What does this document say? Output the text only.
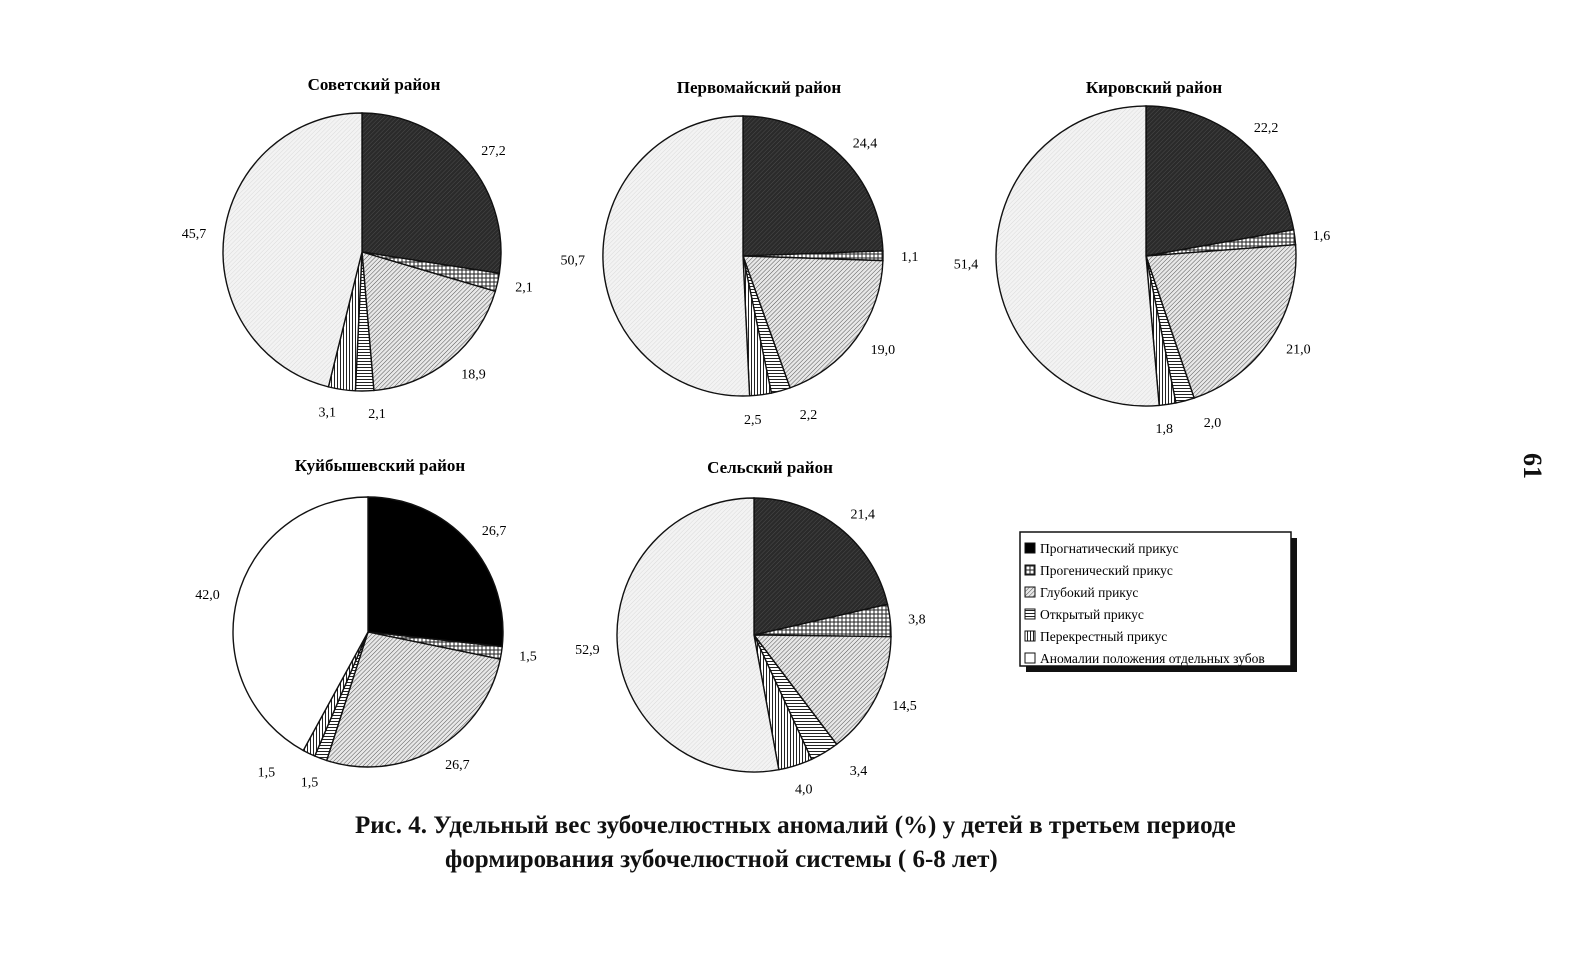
Советский район
27,2
2,1
18,9
2,1
3,1
45,7
Первомайский район
24,4
1,1
19,0
2,2
2,5
50,7
Кировский район
22,2
1,6
21,0
2,0
1,8
51,4
Куйбышевский район
26,7
1,5
26,7
1,5
1,5
42,0
Сельский район
21,4
3,8
14,5
3,4
4,0
52,9
Прогнатический прикус
Прогенический прикус
Глубокий прикус
Открытый прикус
Перекрестный прикус
Аномалии положения отдельных зубов
Рис. 4. Удельный вес зубочелюстных аномалий (%) у детей в третьем периоде
формирования зубочелюстной системы ( 6-8 лет)
61
